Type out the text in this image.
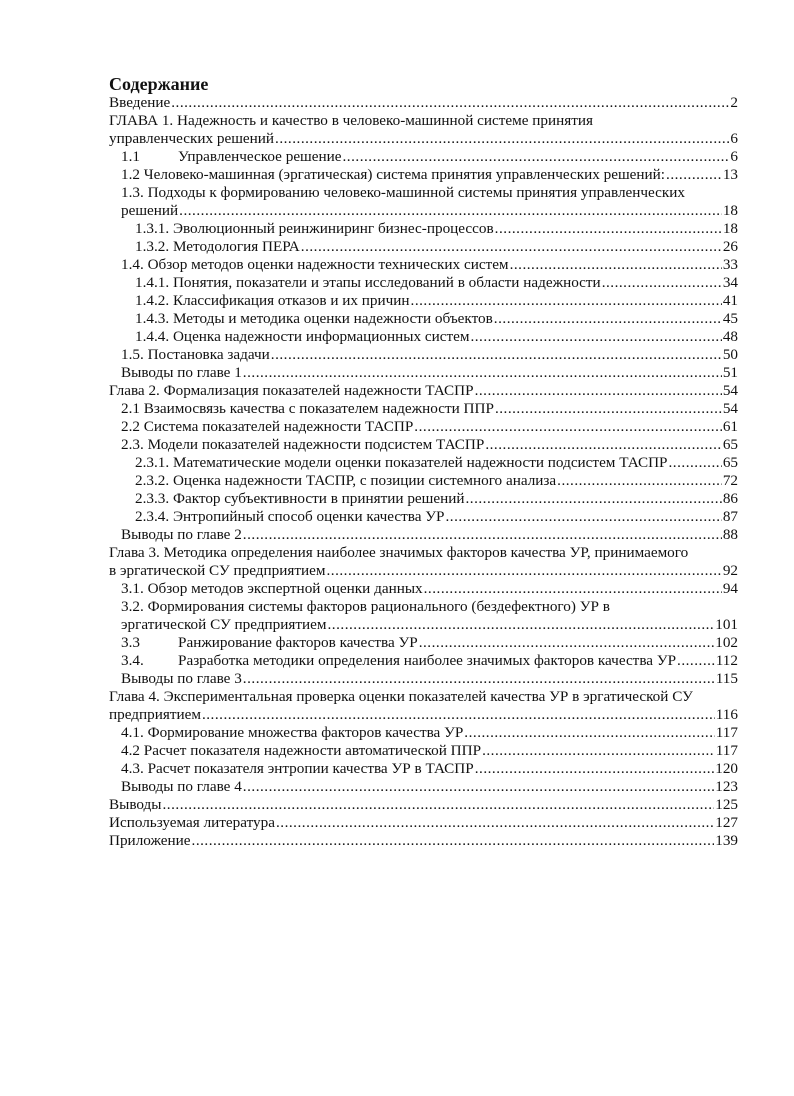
Содержание
Введение .....	2
ГЛАВА 1. Надежность и качество в человеко-машинной системе принятия
управленческих решений .....	6
1.1	Управленческое решение .....	6
1.2 Человеко-машинная (эргатическая) система принятия управленческих решений: .....	13
1.3. Подходы к формированию человеко-машинной системы принятия управленческих
решений .....	18
1.3.1. Эволюционный реинжиниринг бизнес-процессов .....	18
1.3.2. Методология ПЕРА .....	26
1.4. Обзор методов оценки надежности технических систем .....	33
1.4.1. Понятия, показатели и этапы исследований в области надежности .....	34
1.4.2. Классификация отказов и их причин .....	41
1.4.3. Методы и методика оценки надежности объектов .....	45
1.4.4. Оценка надежности информационных систем .....	48
1.5. Постановка задачи .....	50
Выводы по главе 1 .....	51
Глава 2. Формализация показателей надежности ТАСПР .....	54
2.1 Взаимосвязь качества с показателем надежности ППР .....	54
2.2 Система показателей надежности ТАСПР .....	61
2.3. Модели показателей надежности подсистем ТАСПР .....	65
2.3.1. Математические модели оценки показателей надежности подсистем ТАСПР .....	65
2.3.2. Оценка надежности ТАСПР, с позиции системного анализа .....	72
2.3.3. Фактор субъективности в принятии решений .....	86
2.3.4. Энтропийный способ оценки качества УР .....	87
Выводы по главе 2 .....	88
Глава 3. Методика определения наиболее значимых факторов качества УР, принимаемого
в эргатической СУ предприятием .....	92
3.1. Обзор методов экспертной оценки данных .....	94
3.2. Формирования системы факторов рационального (бездефектного) УР в
эргатической СУ предприятием .....	101
3.3	Ранжирование факторов качества УР .....	102
3.4.	Разработка методики определения наиболее значимых факторов качества УР .....	112
Выводы по главе 3 .....	115
Глава 4. Экспериментальная проверка оценки показателей качества УР в эргатической СУ
предприятием .....	116
4.1. Формирование множества факторов качества УР .....	117
4.2 Расчет показателя надежности автоматической ППР .....	117
4.3. Расчет показателя энтропии качества УР в ТАСПР .....	120
Выводы по главе 4 .....	123
Выводы .....	125
Используемая литература .....	127
Приложение .....	139
